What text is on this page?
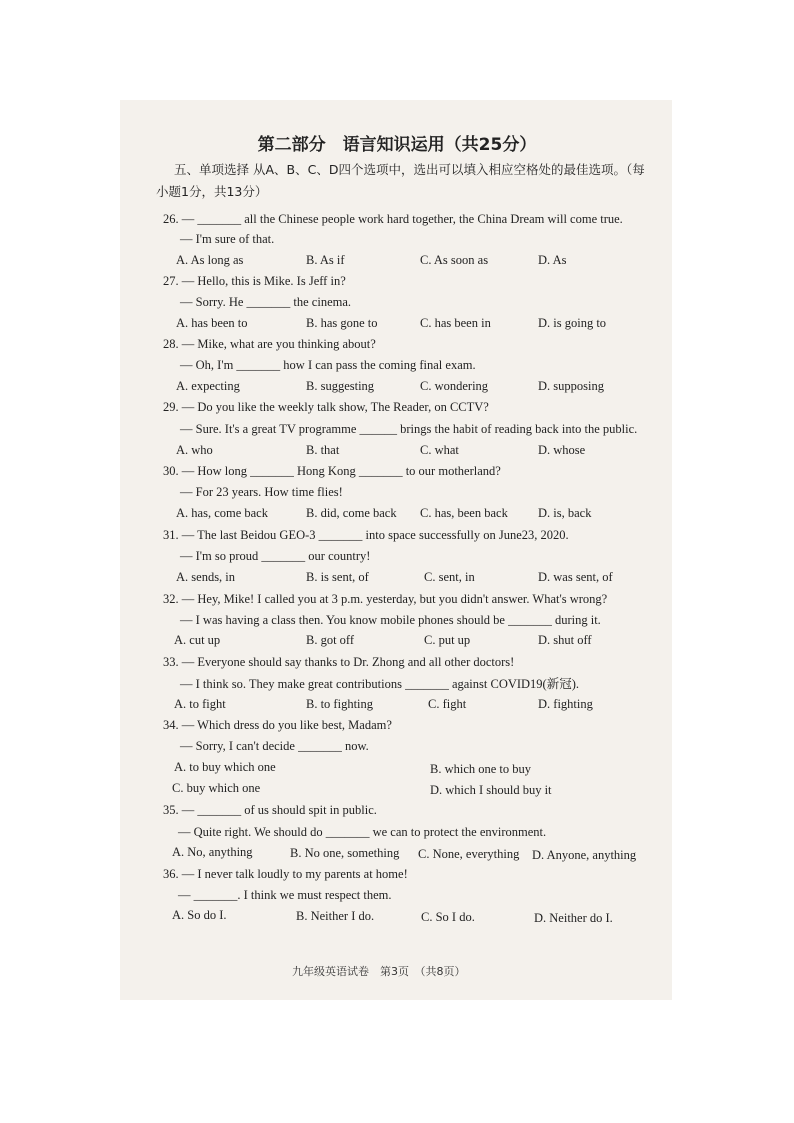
第二部分　语言知识运用（共25分）
五、单项选择 从A、B、C、D四个选项中，选出可以填入相应空格处的最佳选项。（每
小题1分，共13分）
26. — _______ all the Chinese people work hard together, the China Dream will come true.
— I'm sure of that.
A. As long as	B. As if	C. As soon as	D. As
27. — Hello, this is Mike. Is Jeff in?
— Sorry. He _______ the cinema.
A. has been to	B. has gone to	C. has been in	D. is going to
28. — Mike, what are you thinking about?
— Oh, I'm _______ how I can pass the coming final exam.
A. expecting	B. suggesting	C. wondering	D. supposing
29. — Do you like the weekly talk show, The Reader, on CCTV?
— Sure. It's a great TV programme ______ brings the habit of reading back into the public.
A. who	B. that	C. what	D. whose
30. — How long _______ Hong Kong _______ to our motherland?
— For 23 years. How time flies!
A. has, come back	B. did, come back C. has, been back D. is, back
31. — The last Beidou GEO-3 _______ into space successfully on June23, 2020.
— I'm so proud _______ our country!
A. sends, in	B. is sent, of	C. sent, in	D. was sent, of
32. — Hey, Mike! I called you at 3 p.m. yesterday, but you didn't answer. What's wrong?
— I was having a class then. You know mobile phones should be _______ during it.
A. cut up	B. got off	C. put up	D. shut off
33. — Everyone should say thanks to Dr. Zhong and all other doctors!
— I think so. They make great contributions _______ against COVID19(新冠).
A. to fight	B. to fighting	C. fight	D. fighting
34. — Which dress do you like best, Madam?
— Sorry, I can't decide _______ now.
A. to buy which one	B. which one to buy
C. buy which one	D. which I should buy it
35. — _______ of us should spit in public.
— Quite right. We should do _______ we can to protect the environment.
A. No, anything	B. No one, something C. None, everything D. Anyone, anything
36. — I never talk loudly to my parents at home!
— _______. I think we must respect them.
A. So do I.	B. Neither I do.	C. So I do.	D. Neither do I.
九年级英语试卷　第3页　（共8页）
